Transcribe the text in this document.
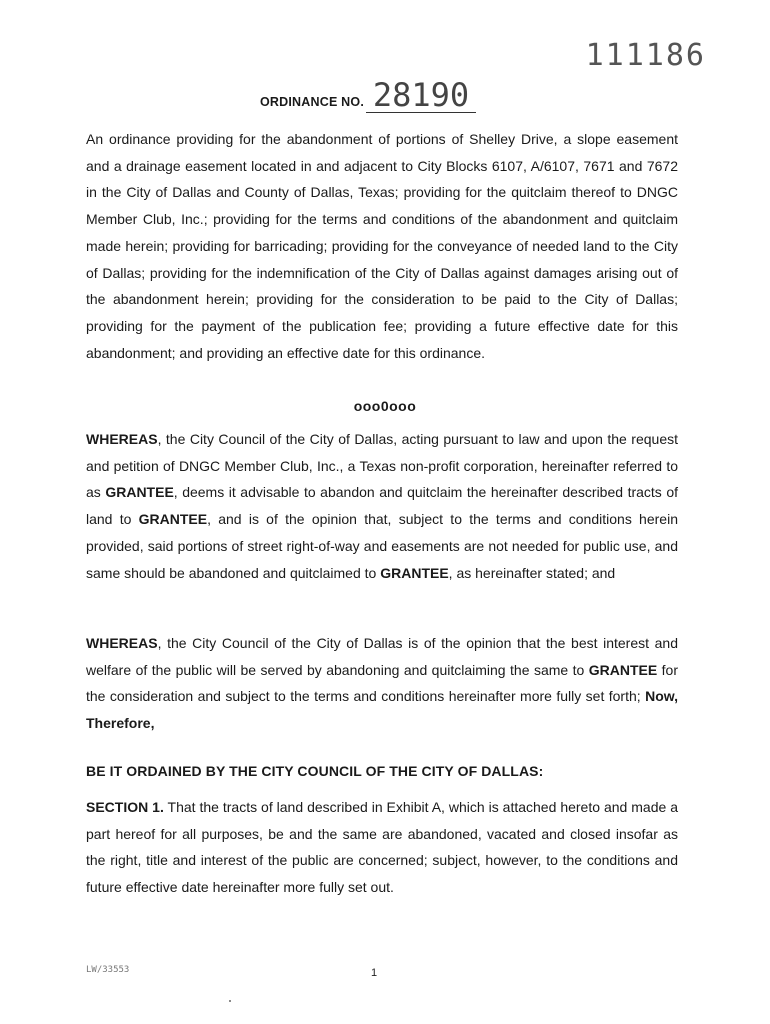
111186
ORDINANCE NO. 28190

An ordinance providing for the abandonment of portions of Shelley Drive, a slope easement and a drainage easement located in and adjacent to City Blocks 6107, A/6107, 7671 and 7672 in the City of Dallas and County of Dallas, Texas; providing for the quitclaim thereof to DNGC Member Club, Inc.; providing for the terms and conditions of the abandonment and quitclaim made herein; providing for barricading; providing for the conveyance of needed land to the City of Dallas; providing for the indemnification of the City of Dallas against damages arising out of the abandonment herein; providing for the consideration to be paid to the City of Dallas; providing for the payment of the publication fee; providing a future effective date for this abandonment; and providing an effective date for this ordinance.

ooo0ooo

WHEREAS, the City Council of the City of Dallas, acting pursuant to law and upon the request and petition of DNGC Member Club, Inc., a Texas non-profit corporation, hereinafter referred to as GRANTEE, deems it advisable to abandon and quitclaim the hereinafter described tracts of land to GRANTEE, and is of the opinion that, subject to the terms and conditions herein provided, said portions of street right-of-way and easements are not needed for public use, and same should be abandoned and quitclaimed to GRANTEE, as hereinafter stated; and

WHEREAS, the City Council of the City of Dallas is of the opinion that the best interest and welfare of the public will be served by abandoning and quitclaiming the same to GRANTEE for the consideration and subject to the terms and conditions hereinafter more fully set forth; Now, Therefore,

BE IT ORDAINED BY THE CITY COUNCIL OF THE CITY OF DALLAS:

SECTION 1. That the tracts of land described in Exhibit A, which is attached hereto and made a part hereof for all purposes, be and the same are abandoned, vacated and closed insofar as the right, title and interest of the public are concerned; subject, however, to the conditions and future effective date hereinafter more fully set out.

LW/33553	1
